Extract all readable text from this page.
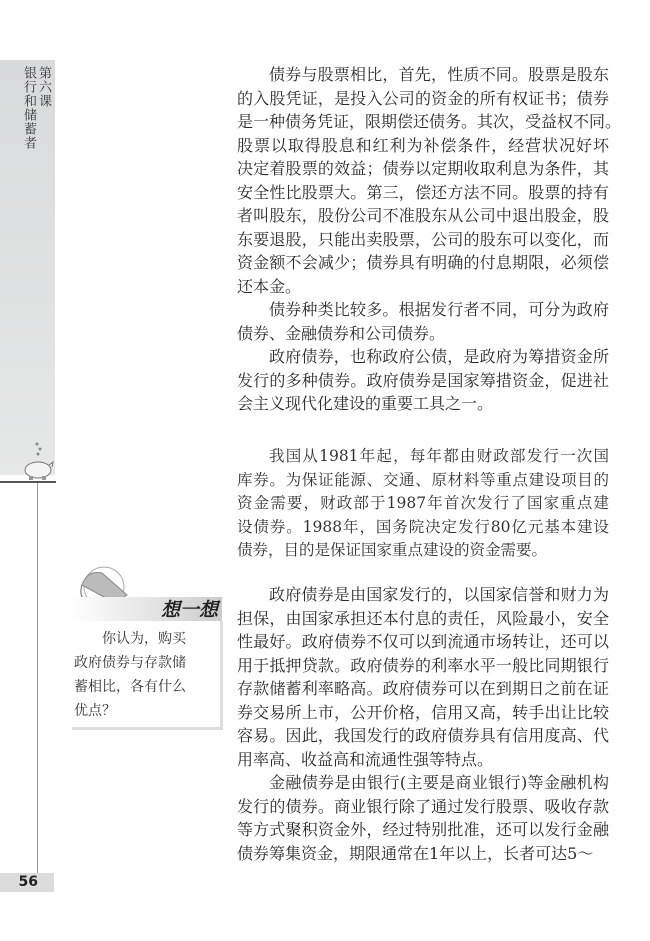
第六课
银行和储蓄者
想一想
你认为，购买
政府债券与存款储
蓄相比，各有什么
优点？
债券与股票相比，首先，性质不同。股票是股东
的入股凭证，是投入公司的资金的所有权证书；债券
是一种债务凭证，限期偿还债务。其次，受益权不同。
股票以取得股息和红利为补偿条件，经营状况好坏
决定着股票的效益；债券以定期收取利息为条件，其
安全性比股票大。第三，偿还方法不同。股票的持有
者叫股东，股份公司不准股东从公司中退出股金，股
东要退股，只能出卖股票，公司的股东可以变化，而
资金额不会减少；债券具有明确的付息期限，必须偿
还本金。
债券种类比较多。根据发行者不同，可分为政府
债券、金融债券和公司债券。
政府债券，也称政府公债，是政府为筹措资金所
发行的多种债券。政府债券是国家筹措资金，促进社
会主义现代化建设的重要工具之一。
我国从1981年起，每年都由财政部发行一次国
库券。为保证能源、交通、原材料等重点建设项目的
资金需要，财政部于1987年首次发行了国家重点建
设债券。1988年，国务院决定发行80亿元基本建设
债券，目的是保证国家重点建设的资金需要。
政府债券是由国家发行的，以国家信誉和财力为
担保，由国家承担还本付息的责任，风险最小，安全
性最好。政府债券不仅可以到流通市场转让，还可以
用于抵押贷款。政府债券的利率水平一般比同期银行
存款储蓄利率略高。政府债券可以在到期日之前在证
券交易所上市，公开价格，信用又高，转手出让比较
容易。因此，我国发行的政府债券具有信用度高、代
用率高、收益高和流通性强等特点。
金融债券是由银行(主要是商业银行)等金融机构
发行的债券。商业银行除了通过发行股票、吸收存款
等方式聚积资金外，经过特别批准，还可以发行金融
债券筹集资金，期限通常在1年以上，长者可达5～
56
